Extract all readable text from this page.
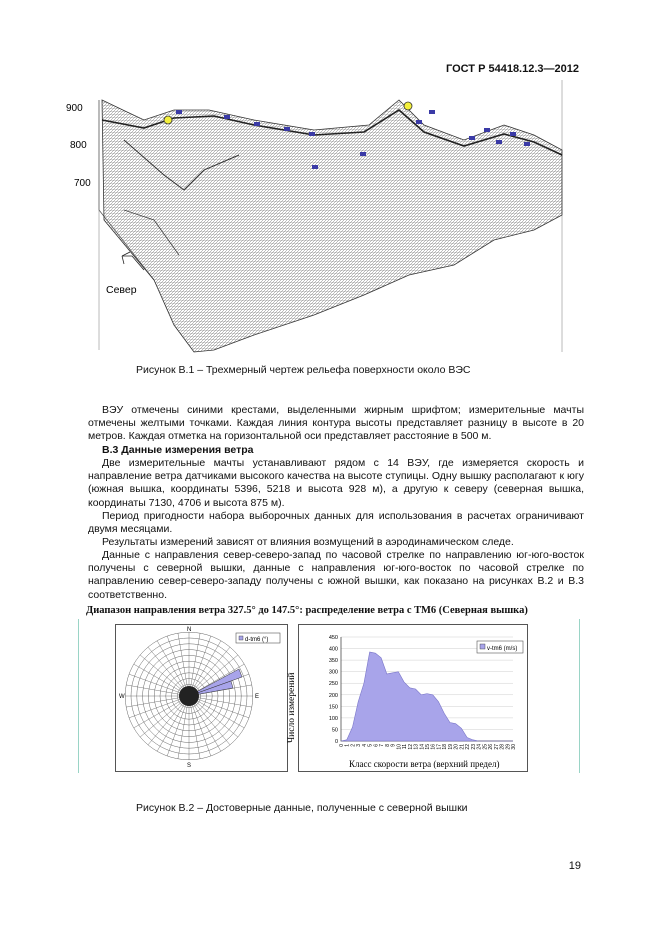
ГОСТ Р 54418.12.3—2012
900
800
700
Север
Рисунок В.1 – Трехмерный чертеж рельефа поверхности около ВЭС
ВЭУ отмечены синими крестами, выделенными жирным шрифтом; измерительные мачты отмечены желтыми точками. Каждая линия контура высоты представляет разницу в высоте в 20 метров. Каждая отметка на горизонтальной оси представляет расстояние в 500 м.
В.3 Данные измерения ветра
Две измерительные мачты устанавливают рядом с 14 ВЭУ, где измеряется скорость и направление ветра датчиками высокого качества на высоте ступицы. Одну вышку располагают к югу (южная вышка, координаты 5396, 5218 и высота 928 м), а другую к северу (северная вышка, координаты 7130, 4706 и высота 875 м).
Период пригодности набора выборочных данных для использования в расчетах ограничивают двумя месяцами.
Результаты измерений зависят от влияния возмущений в аэродинамическом следе.
Данные с направления север-северо-запад по часовой стрелке по направлению юг-юго-восток получены с северной вышки, данные с направления юг-юго-восток по часовой стрелке по направлению север-северо-западу получены с южной вышки, как показано на рисунках В.2 и В.3 соответственно.
Диапазон направления ветра 327.5° до 147.5°: распределение ветра с ТМ6 (Северная вышка)
d-tm6 (°)
N
E
S
W
0
50
100
150
200
250
300
350
400
450
0 1 2 3 4 5 6 7 8 9 10 11 12 13 14 15 16 17 18 19 20 21 22 23 24 25 26 27 28 29 30
v-tm6 (m/s)
Число измерений
Класс скорости ветра (верхний предел)
Рисунок В.2 – Достоверные данные, полученные с северной вышки
19
